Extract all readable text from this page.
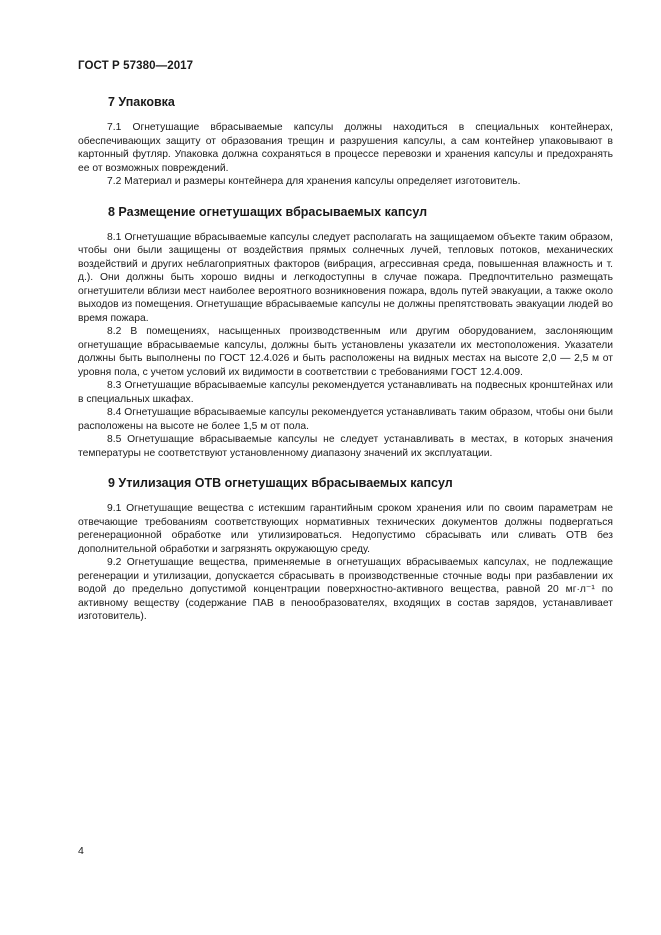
ГОСТ Р 57380—2017
7 Упаковка

7.1 Огнетушащие вбрасываемые капсулы должны находиться в специальных контейнерах, обеспечивающих защиту от образования трещин и разрушения капсулы, а сам контейнер упаковывают в картонный футляр. Упаковка должна сохраняться в процессе перевозки и хранения капсулы и предохранять ее от возможных повреждений.

7.2 Материал и размеры контейнера для хранения капсулы определяет изготовитель.

8 Размещение огнетушащих вбрасываемых капсул

8.1 Огнетушащие вбрасываемые капсулы следует располагать на защищаемом объекте таким образом, чтобы они были защищены от воздействия прямых солнечных лучей, тепловых потоков, механических воздействий и других неблагоприятных факторов (вибрация, агрессивная среда, повышенная влажность и т. д.). Они должны быть хорошо видны и легкодоступны в случае пожара. Предпочтительно размещать огнетушители вблизи мест наиболее вероятного возникновения пожара, вдоль путей эвакуации, а также около выходов из помещения. Огнетушащие вбрасываемые капсулы не должны препятствовать эвакуации людей во время пожара.

8.2 В помещениях, насыщенных производственным или другим оборудованием, заслоняющим огнетушащие вбрасываемые капсулы, должны быть установлены указатели их местоположения. Указатели должны быть выполнены по ГОСТ 12.4.026 и быть расположены на видных местах на высоте 2,0 — 2,5 м от уровня пола, с учетом условий их видимости в соответствии с требованиями ГОСТ 12.4.009.

8.3 Огнетушащие вбрасываемые капсулы рекомендуется устанавливать на подвесных кронштейнах или в специальных шкафах.

8.4 Огнетушащие вбрасываемые капсулы рекомендуется устанавливать таким образом, чтобы они были расположены на высоте не более 1,5 м от пола.

8.5 Огнетушащие вбрасываемые капсулы не следует устанавливать в местах, в которых значения температуры не соответствуют установленному диапазону значений их эксплуатации.

9 Утилизация ОТВ огнетушащих вбрасываемых капсул

9.1 Огнетушащие вещества с истекшим гарантийным сроком хранения или по своим параметрам не отвечающие требованиям соответствующих нормативных технических документов должны подвергаться регенерационной обработке или утилизироваться. Недопустимо сбрасывать или сливать ОТВ без дополнительной обработки и загрязнять окружающую среду.

9.2 Огнетушащие вещества, применяемые в огнетушащих вбрасываемых капсулах, не подлежащие регенерации и утилизации, допускается сбрасывать в производственные сточные воды при разбавлении их водой до предельно допустимой концентрации поверхностно-активного вещества, равной 20 мг·л⁻¹ по активному веществу (содержание ПАВ в пенообразователях, входящих в состав зарядов, устанавливает изготовитель).

4
